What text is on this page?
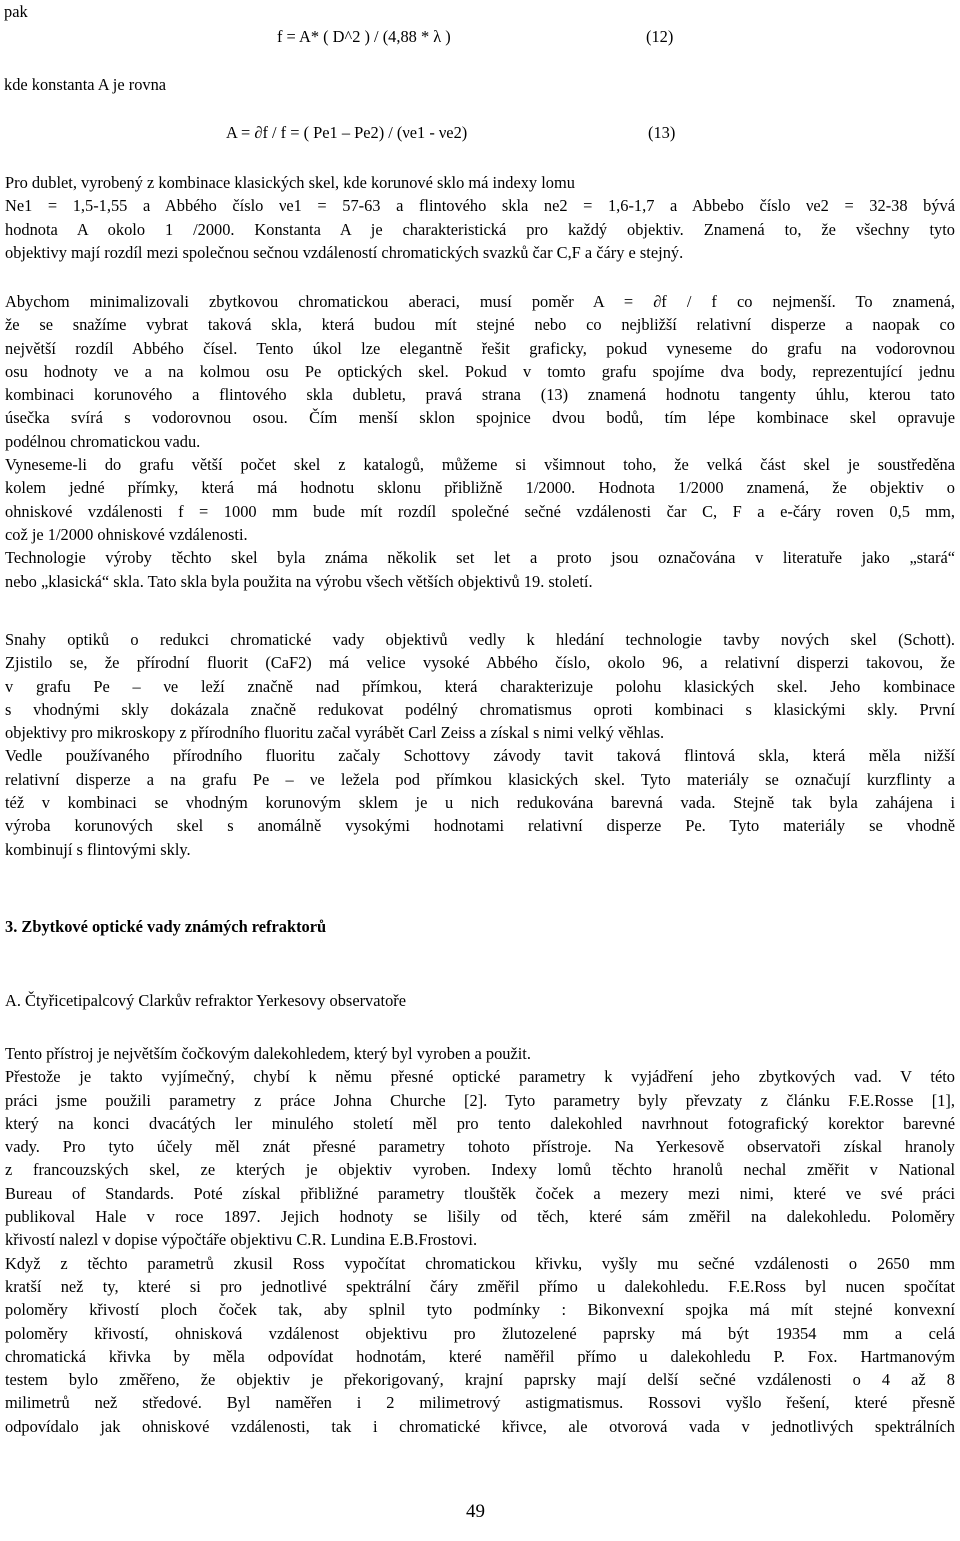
pak
f = A* ( D^2 ) / (4,88 * λ )	(12)
kde konstanta A je rovna
A = ∂f / f = ( Pe1 – Pe2) / (νe1 - νe2)	(13)
Pro dublet, vyrobený z kombinace klasických skel, kde korunové sklo má indexy lomu
Ne1 = 1,5-1,55 a Abbého číslo νe1 = 57-63 a flintového skla ne2 = 1,6-1,7 a Abbebo číslo νe2 = 32-38 bývá
hodnota A okolo 1 /2000. Konstanta A je charakteristická pro každý objektiv. Znamená to, že všechny tyto
objektivy mají rozdíl mezi společnou sečnou vzdáleností chromatických svazků čar C,F a čáry e stejný.
Abychom minimalizovali zbytkovou chromatickou aberaci, musí poměr A = ∂f / f co nejmenší. To znamená,
že se snažíme vybrat taková skla, která budou mít stejné nebo co nejbližší relativní disperze a naopak co
největší rozdíl Abbého čísel. Tento úkol lze elegantně řešit graficky, pokud vyneseme do grafu na vodorovnou
osu hodnoty νe a na kolmou osu Pe optických skel. Pokud v tomto grafu spojíme dva body, reprezentující jednu
kombinaci korunového a flintového skla dubletu, pravá strana (13) znamená hodnotu tangenty úhlu, kterou tato
úsečka svírá s vodorovnou osou. Čím menší sklon spojnice dvou bodů, tím lépe kombinace skel opravuje
podélnou chromatickou vadu.
Vyneseme-li do grafu větší počet skel z katalogů, můžeme si všimnout toho, že velká část skel je soustředěna
kolem jedné přímky, která má hodnotu sklonu přibližně 1/2000. Hodnota 1/2000 znamená, že objektiv o
ohniskové vzdálenosti f = 1000 mm bude mít rozdíl společné sečné vzdálenosti čar C, F a e-čáry roven 0,5 mm,
což je 1/2000 ohniskové vzdálenosti.
Technologie výroby těchto skel byla známa několik set let a proto jsou označována v literatuře jako „stará“
nebo „klasická“ skla. Tato skla byla použita na výrobu všech větších objektivů 19. století.
Snahy optiků o redukci chromatické vady objektivů vedly k hledání technologie tavby nových skel (Schott).
Zjistilo se, že přírodní fluorit (CaF2) má velice vysoké Abbého číslo, okolo 96, a relativní disperzi takovou, že
v grafu Pe – νe leží značně nad přímkou, která charakterizuje polohu klasických skel. Jeho kombinace
s vhodnými skly dokázala značně redukovat podélný chromatismus oproti kombinaci s klasickými skly. První
objektivy pro mikroskopy z přírodního fluoritu začal vyrábět Carl Zeiss a získal s nimi velký věhlas.
Vedle používaného přírodního fluoritu začaly Schottovy závody tavit taková flintová skla, která měla nižší
relativní disperze a na grafu Pe – νe ležela pod přímkou klasických skel. Tyto materiály se označují kurzflinty a
též v kombinaci se vhodným korunovým sklem je u nich redukována barevná vada. Stejně tak byla zahájena i
výroba korunových skel s anomálně vysokými hodnotami relativní disperze Pe. Tyto materiály se vhodně
kombinují s flintovými skly.
3. Zbytkové optické vady známých refraktorů
A. Čtyřicetipalcový Clarkův refraktor Yerkesovy observatoře
Tento přístroj je největším čočkovým dalekohledem, který byl vyroben a použit.
Přestože je takto vyjímečný, chybí k němu přesné optické parametry k vyjádření jeho zbytkových vad. V této
práci jsme použili parametry z práce Johna Churche [2]. Tyto parametry byly převzaty z článku F.E.Rosse [1],
který na konci dvacátých ler minulého století měl pro tento dalekohled navrhnout fotografický korektor barevné
vady. Pro tyto účely měl znát přesné parametry tohoto přístroje. Na Yerkesově observatoři získal hranoly
z francouzských skel, ze kterých je objektiv vyroben. Indexy lomů těchto hranolů nechal změřit v National
Bureau of Standards. Poté získal přibližné parametry tlouštěk čoček a mezery mezi nimi, které ve své práci
publikoval Hale v roce 1897. Jejich hodnoty se lišily od těch, které sám změřil na dalekohledu. Poloměry
křivostí nalezl v dopise výpočtáře objektivu C.R. Lundina E.B.Frostovi.
Když z těchto parametrů zkusil Ross vypočítat chromatickou křivku, vyšly mu sečné vzdálenosti o 2650 mm
kratší než ty, které si pro jednotlivé spektrální čáry změřil přímo u dalekohledu. F.E.Ross byl nucen spočítat
poloměry křivostí ploch čoček tak, aby splnil tyto podmínky : Bikonvexní spojka má mít stejné konvexní
poloměry křivostí, ohnisková vzdálenost objektivu pro žlutozelené paprsky má být 19354 mm a celá
chromatická křivka by měla odpovídat hodnotám, které naměřil přímo u dalekohledu P. Fox. Hartmanovým
testem bylo změřeno, že objektiv je překorigovaný, krajní paprsky mají delší sečné vzdálenosti o 4 až 8
milimetrů než středové. Byl naměřen i 2 milimetrový astigmatismus. Rossovi vyšlo řešení, které přesně
odpovídalo jak ohniskové vzdálenosti, tak i chromatické křivce, ale otvorová vada v jednotlivých spektrálních
49
